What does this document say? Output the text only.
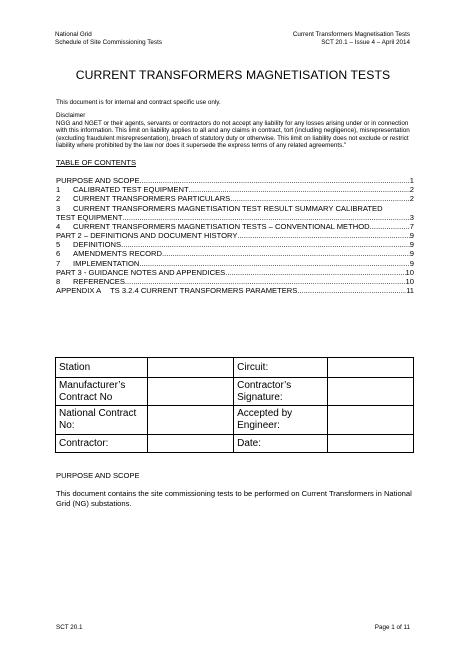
National Grid
Schedule of Site Commissioning Tests
Current Transformers Magnetisation Tests
SCT 20.1 – Issue 4 – April 2014
CURRENT TRANSFORMERS MAGNETISATION TESTS
This document is for internal and contract specific use only.
Disclaimer
NGG and NGET or their agents, servants or contractors do not accept any liability for any losses arising under or in connection with this information. This limit on liability applies to all and any claims in contract, tort (including negligence), misrepresentation (excluding fraudulent misrepresentation), breach of statutory duty or otherwise. This limit on liability does not exclude or restrict liability where prohibited by the law nor does it supersede the express terms of any related agreements."
TABLE OF CONTENTS
PURPOSE AND SCOPE .....	1
1 CALIBRATED TEST EQUIPMENT .....	2
2 CURRENT TRANSFORMERS PARTICULARS .....	2
3 CURRENT TRANSFORMERS MAGNETISATION TEST RESULT SUMMARY CALIBRATED
TEST EQUIPMENT .....	3
4 CURRENT TRANSFORMERS MAGNETISATION TESTS – CONVENTIONAL METHOD .....	7
PART 2 – DEFINITIONS AND DOCUMENT HISTORY .....	9
5 DEFINITIONS .....	9
6 AMENDMENTS RECORD .....	9
7 IMPLEMENTATION .....	9
PART 3 - GUIDANCE NOTES AND APPENDICES .....	10
8 REFERENCES .....	10
APPENDIX A TS 3.2.4 CURRENT TRANSFORMERS PARAMETERS .....	11
Station		Circuit:	
Manufacturer’s Contract No		Contractor’s Signature:	
National Contract No:		Accepted by Engineer:	
Contractor:		Date:	
PURPOSE AND SCOPE
This document contains the site commissioning tests to be performed on Current Transformers in National Grid (NG) substations.
SCT 20.1	Page 1 of 11
